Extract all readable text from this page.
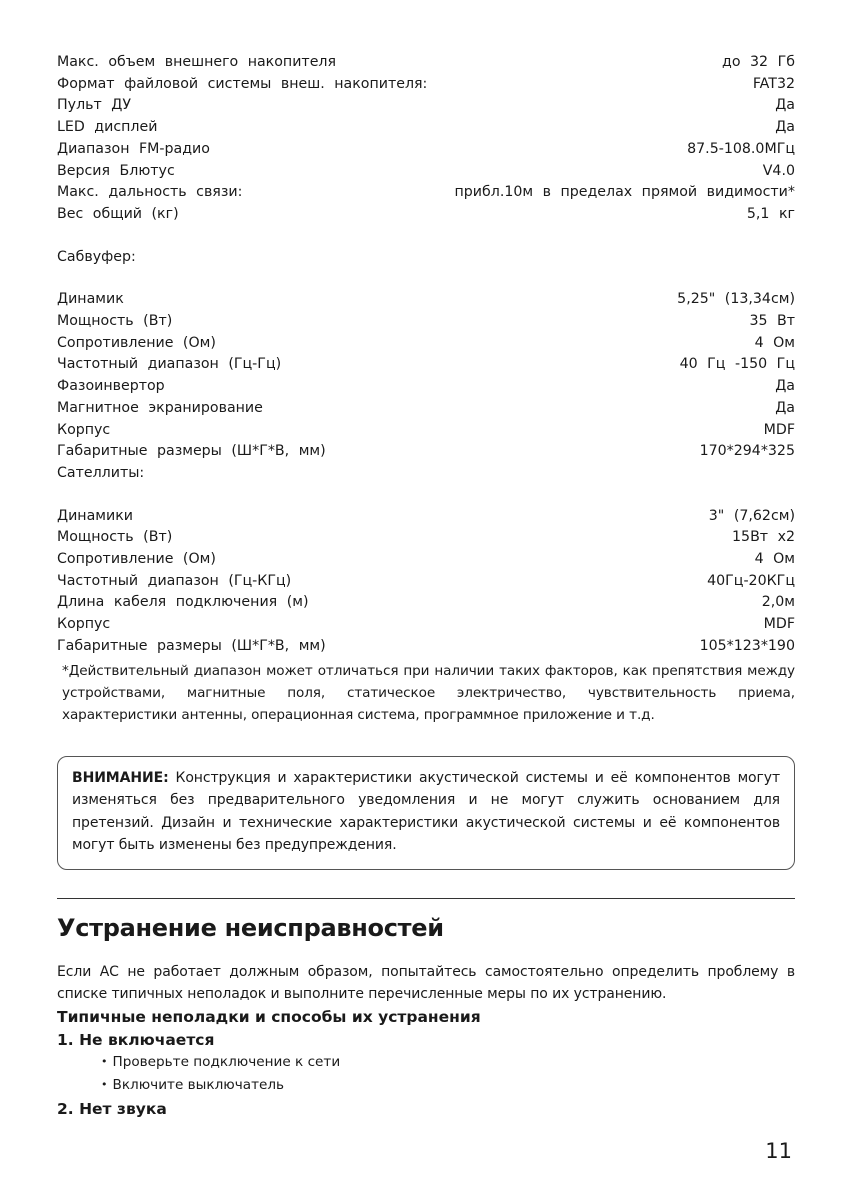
Макс. объем внешнего накопителя	до 32 Гб
Формат файловой системы внеш. накопителя:	FAT32
Пульт ДУ	Да
LED дисплей	Да
Диапазон FM-радио	87.5-108.0МГц
Версия Блютус	V4.0
Макс. дальность связи:	прибл.10м в пределах прямой видимости*
Вес общий (кг)	5,1 кг
Сабвуфер:
Динамик	5,25" (13,34см)
Мощность (Вт)	35 Вт
Сопротивление (Ом)	4 Ом
Частотный диапазон (Гц-Гц)	40 Гц -150 Гц
Фазоинвертор	Да
Магнитное экранирование	Да
Корпус	MDF
Габаритные размеры (Ш*Г*В, мм)	170*294*325
Сателлиты:
Динамики	3" (7,62см)
Мощность (Вт)	15Вт x2
Сопротивление (Ом)	4 Ом
Частотный диапазон (Гц-КГц)	40Гц-20КГц
Длина кабеля подключения (м)	2,0м
Корпус	MDF
Габаритные размеры (Ш*Г*В, мм)	105*123*190

*Действительный диапазон может отличаться при наличии таких факторов, как препятствия между устройствами, магнитные поля, статическое электричество, чувствительность приема, характеристики антенны, операционная система, программное приложение и т.д.

ВНИМАНИЕ: Конструкция и характеристики акустической системы и её компонентов могут изменяться без предварительного уведомления и не могут служить основанием для претензий. Дизайн и технические характеристики акустической системы и её компонентов могут быть изменены без предупреждения.
Устранение неисправностей

Если АС не работает должным образом, попытайтесь самостоятельно определить проблему в списке типичных неполадок и выполните перечисленные меры по их устранению.

Типичные неполадки и способы их устранения
1. Не включается
• Проверьте подключение к сети
• Включите выключатель
2. Нет звука
11
